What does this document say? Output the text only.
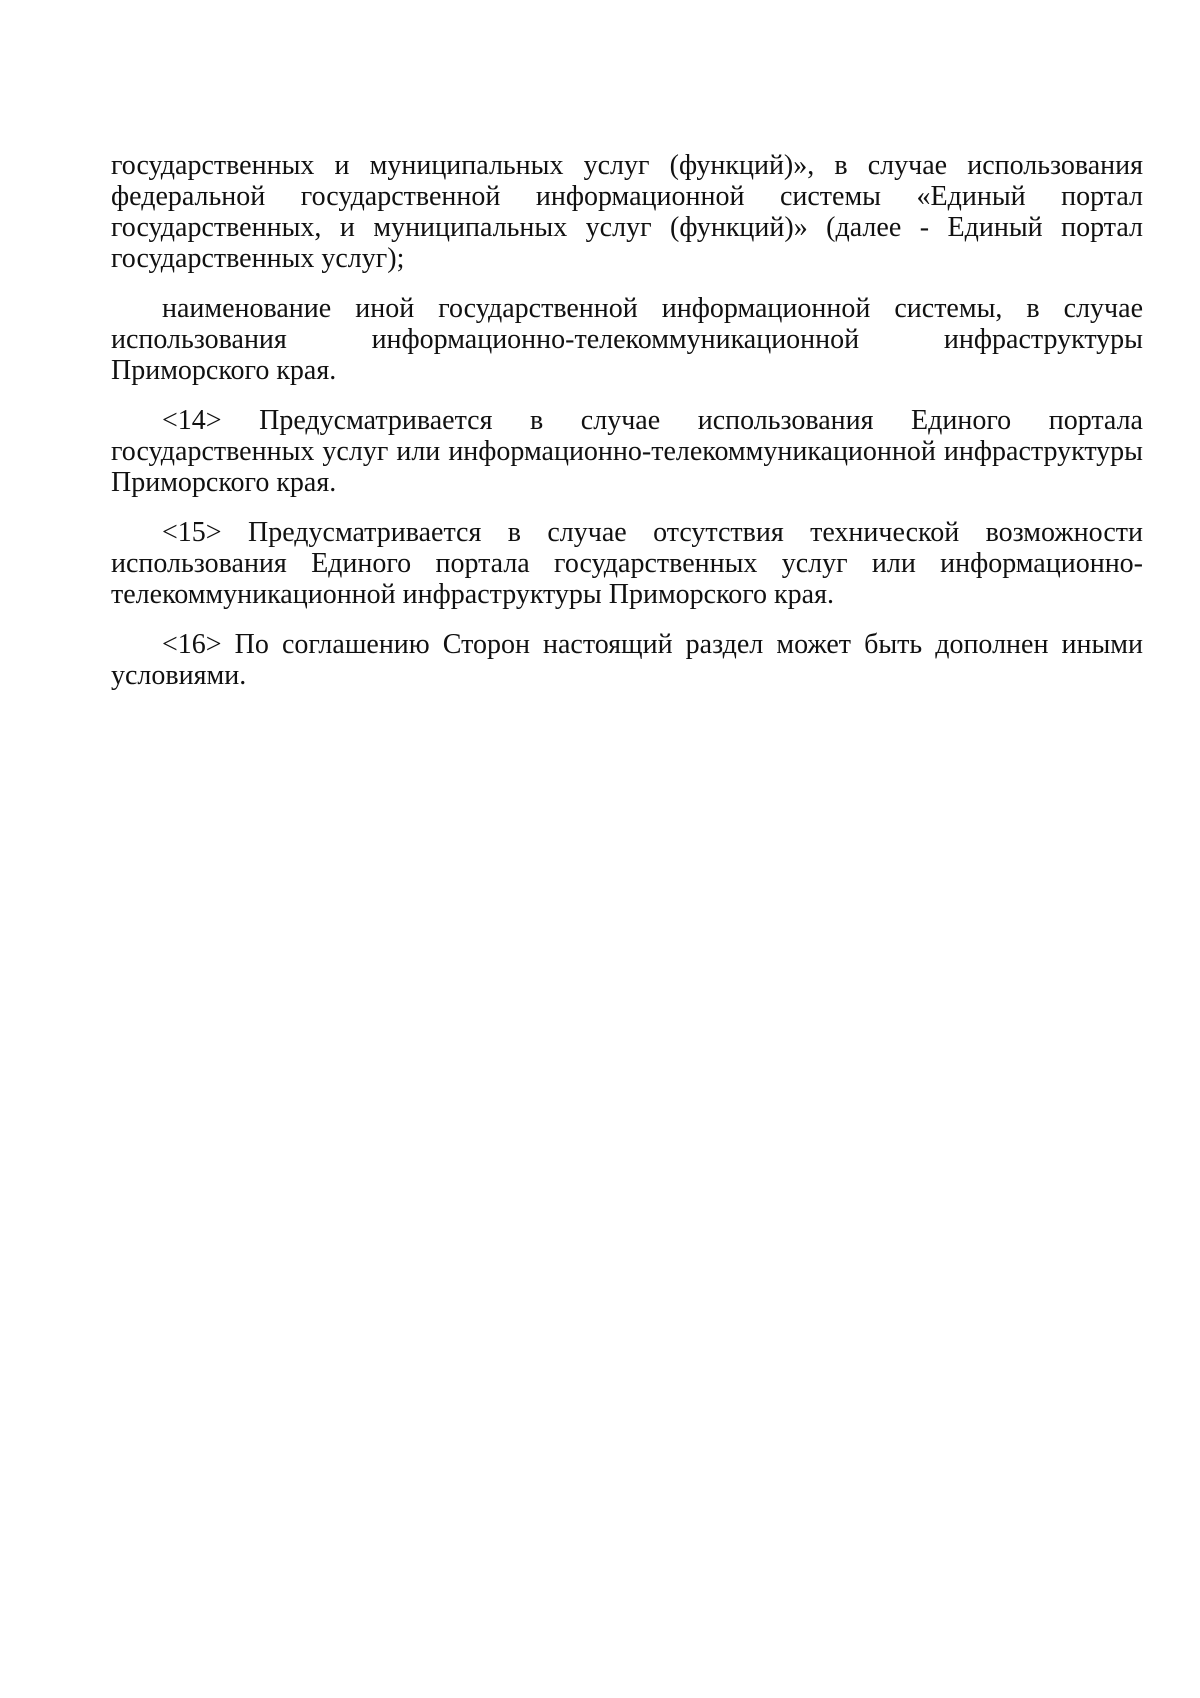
государственных и муниципальных услуг (функций)», в случае использования федеральной государственной информационной системы «Единый портал государственных, и муниципальных услуг (функций)» (далее - Единый портал государственных услуг);

наименование иной государственной информационной системы, в случае использования информационно-телекоммуникационной инфраструктуры Приморского края.

<14> Предусматривается в случае использования Единого портала государственных услуг или информационно-телекоммуникационной инфраструктуры Приморского края.

<15> Предусматривается в случае отсутствия технической возможности использования Единого портала государственных услуг или информационно-телекоммуникационной инфраструктуры Приморского края.

<16> По соглашению Сторон настоящий раздел может быть дополнен иными условиями.
